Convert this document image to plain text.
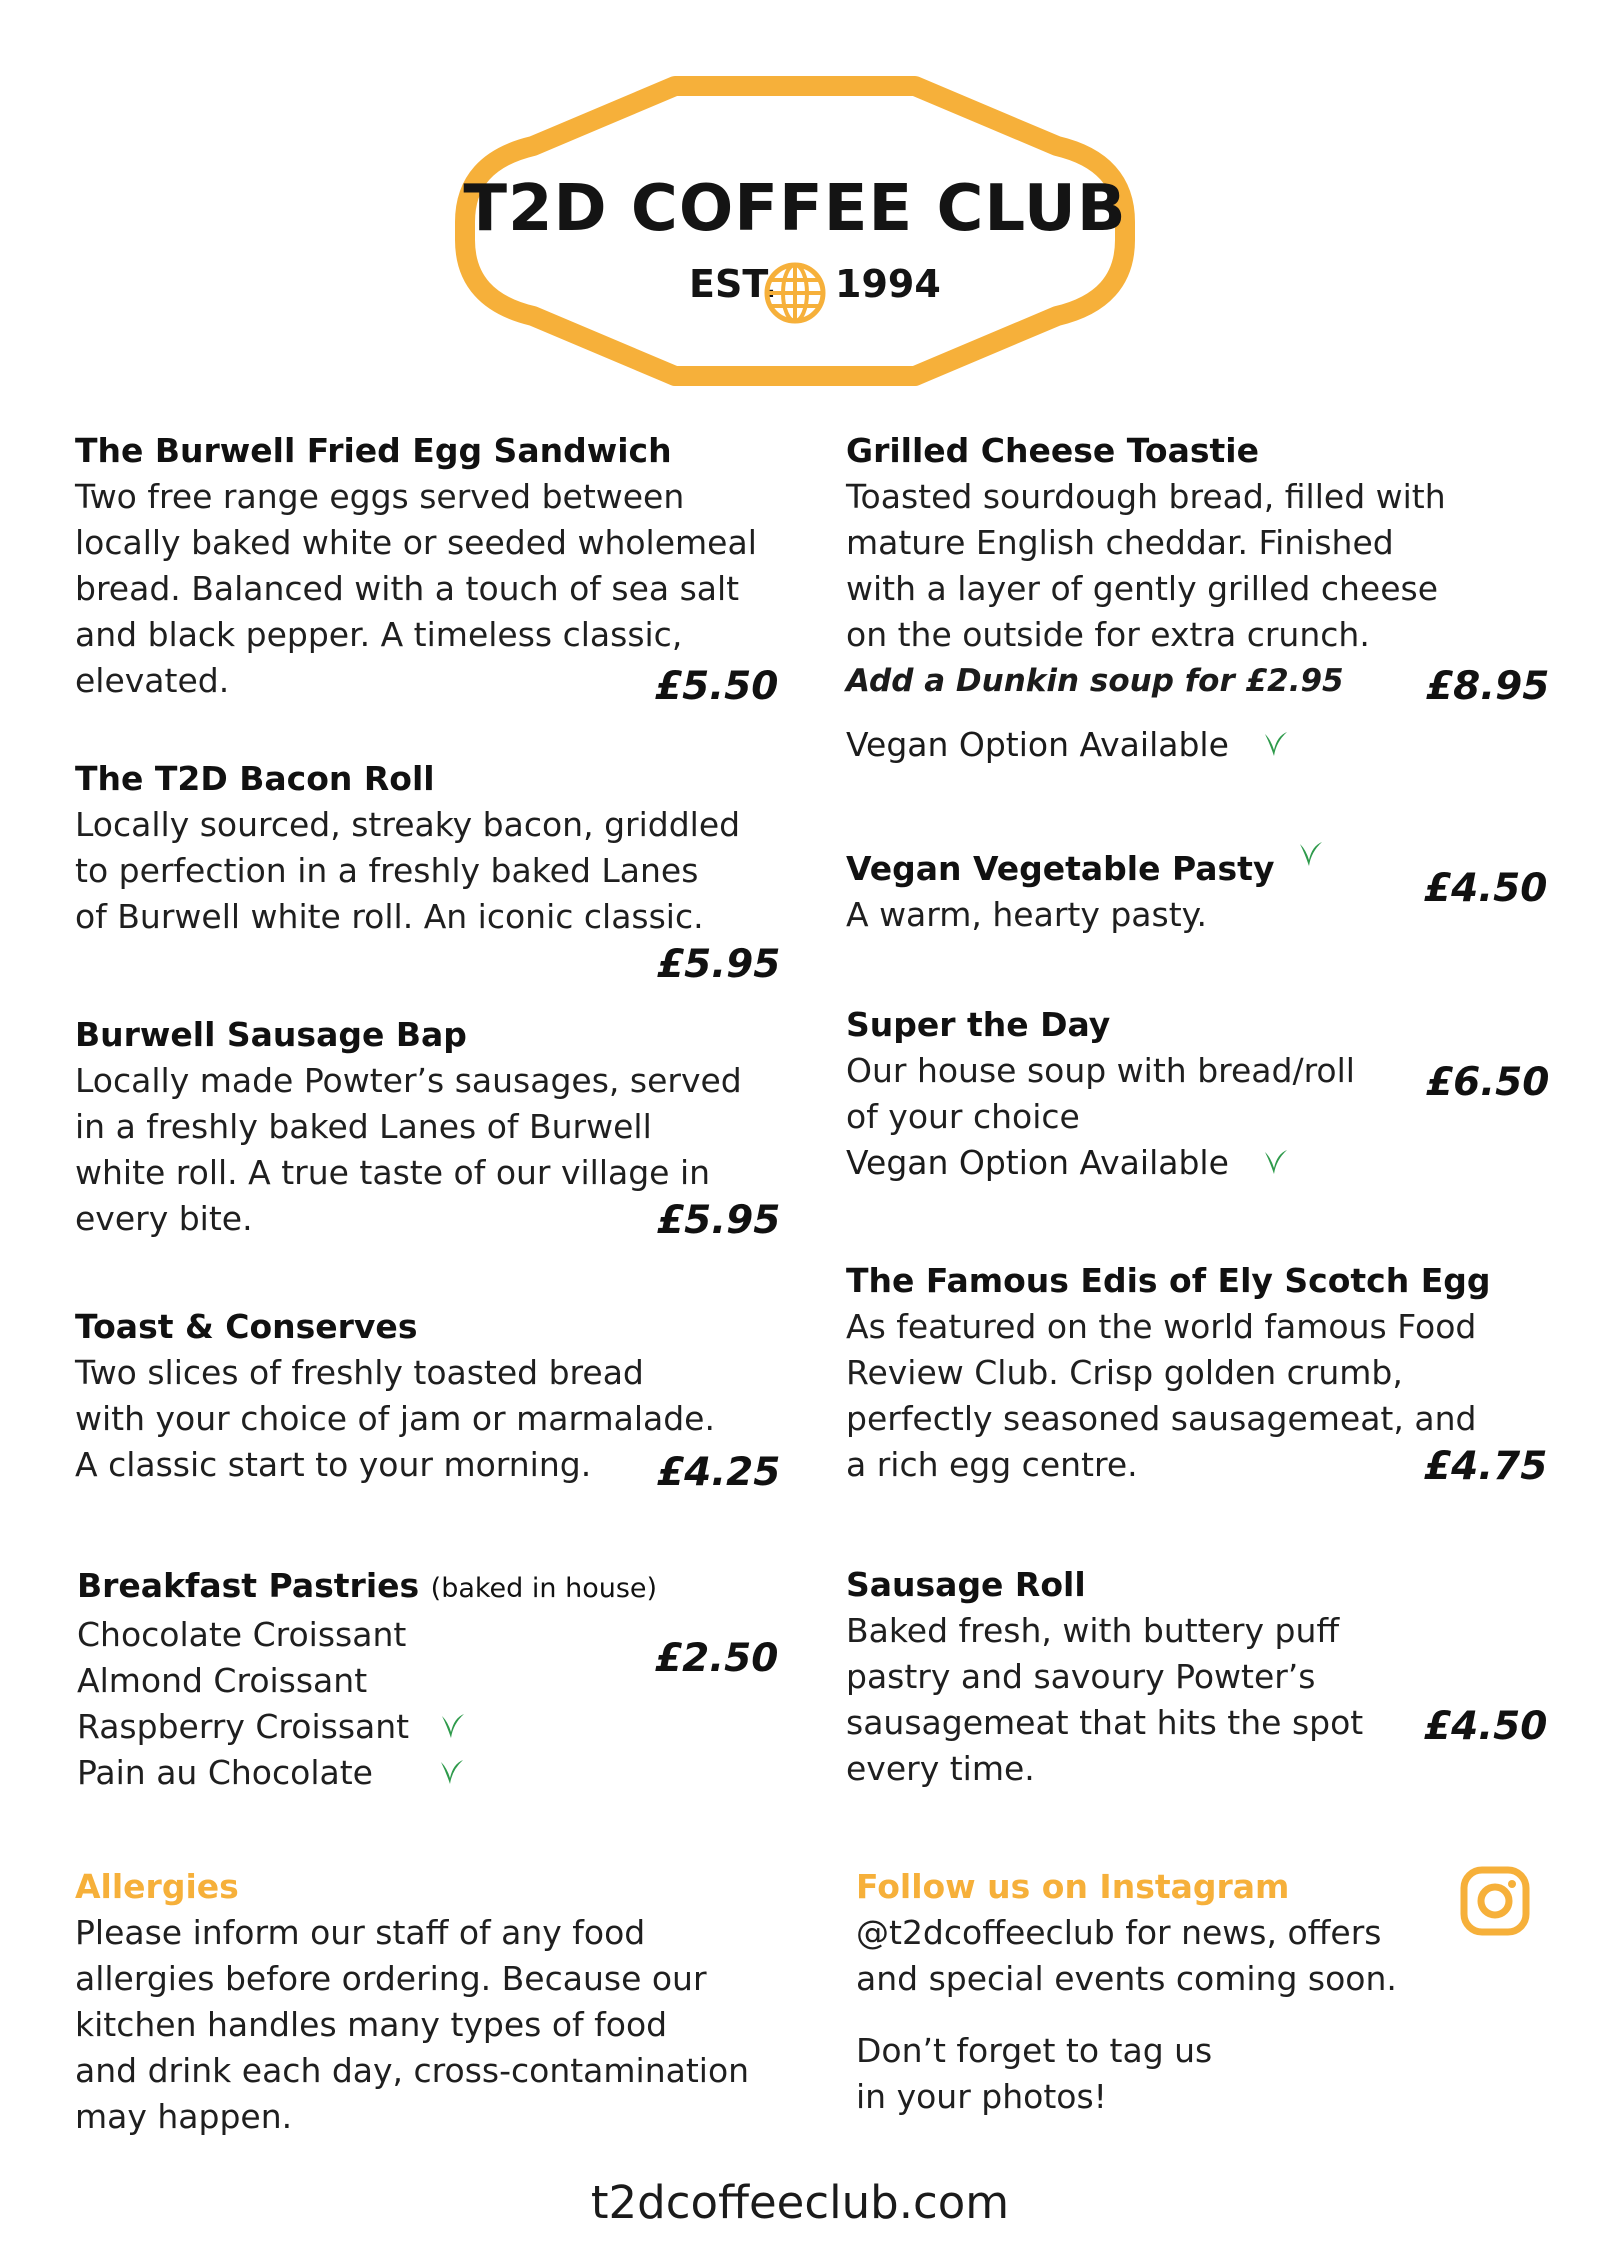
T2D COFFEE CLUB
EST. 1994
The Burwell Fried Egg Sandwich
Two free range eggs served between
locally baked white or seeded wholemeal
bread. Balanced with a touch of sea salt
and black pepper. A timeless classic,
elevated.	£5.50
The T2D Bacon Roll
Locally sourced, streaky bacon, griddled
to perfection in a freshly baked Lanes
of Burwell white roll. An iconic classic.
£5.95
Burwell Sausage Bap
Locally made Powter’s sausages, served
in a freshly baked Lanes of Burwell
white roll. A true taste of our village in
every bite.	£5.95
Toast & Conserves
Two slices of freshly toasted bread
with your choice of jam or marmalade.
A classic start to your morning.	£4.25
Breakfast Pastries (baked in house)
Chocolate Croissant
Almond Croissant
Raspberry Croissant
Pain au Chocolate
£2.50
Grilled Cheese Toastie
Toasted sourdough bread, filled with
mature English cheddar. Finished
with a layer of gently grilled cheese
on the outside for extra crunch.
Add a Dunkin soup for £2.95
Vegan Option Available
£8.95
Vegan Vegetable Pasty
A warm, hearty pasty.
£4.50
Super the Day
Our house soup with bread/roll
of your choice
Vegan Option Available
£6.50
The Famous Edis of Ely Scotch Egg
As featured on the world famous Food
Review Club. Crisp golden crumb,
perfectly seasoned sausagemeat, and
a rich egg centre.	£4.75
Sausage Roll
Baked fresh, with buttery puff
pastry and savoury Powter’s
sausagemeat that hits the spot
every time.
£4.50
Allergies
Please inform our staff of any food
allergies before ordering. Because our
kitchen handles many types of food
and drink each day, cross-contamination
may happen.
Follow us on Instagram
@t2dcoffeeclub for news, offers
and special events coming soon.
Don’t forget to tag us
in your photos!
t2dcoffeeclub.com
